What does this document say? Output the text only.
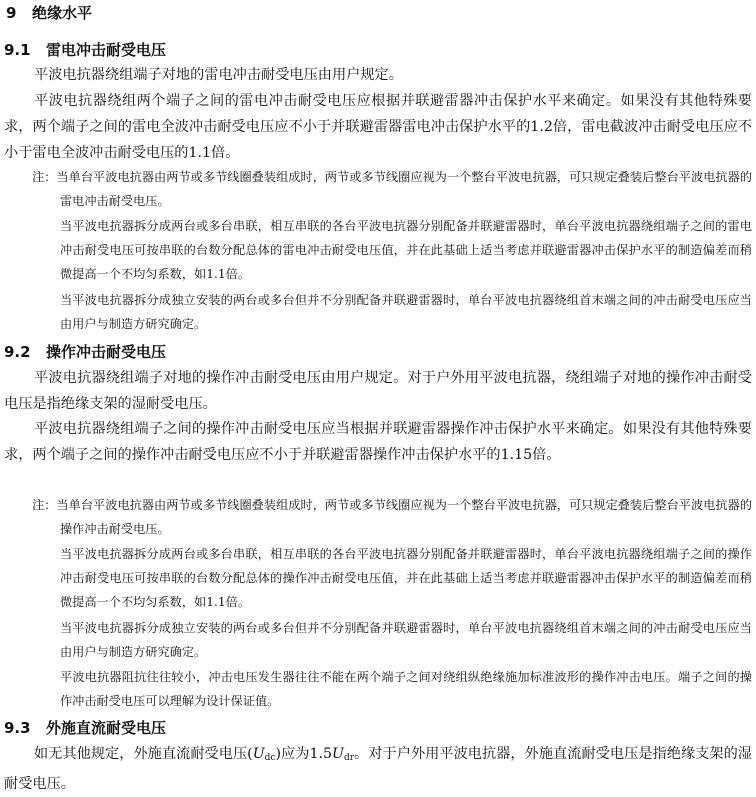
9 绝缘水平
9.1 雷电冲击耐受电压

平波电抗器绕组端子对地的雷电冲击耐受电压由用户规定。

平波电抗器绕组两个端子之间的雷电冲击耐受电压应根据并联避雷器冲击保护水平来确定。如果没有其他特殊要求，两个端子之间的雷电全波冲击耐受电压应不小于并联避雷器雷电冲击保护水平的1.2倍，雷电截波冲击耐受电压应不小于雷电全波冲击耐受电压的1.1倍。

注：当单台平波电抗器由两节或多节线圈叠装组成时，两节或多节线圈应视为一个整台平波电抗器，可只规定叠装后整台平波电抗器的雷电冲击耐受电压。

当平波电抗器拆分成两台或多台串联，相互串联的各台平波电抗器分别配备并联避雷器时，单台平波电抗器绕组端子之间的雷电冲击耐受电压可按串联的台数分配总体的雷电冲击耐受电压值，并在此基础上适当考虑并联避雷器冲击保护水平的制造偏差而稍微提高一个不均匀系数，如1.1倍。

当平波电抗器拆分成独立安装的两台或多台但并不分别配备并联避雷器时，单台平波电抗器绕组首末端之间的冲击耐受电压应当由用户与制造方研究确定。

9.2 操作冲击耐受电压

平波电抗器绕组端子对地的操作冲击耐受电压由用户规定。对于户外用平波电抗器，绕组端子对地的操作冲击耐受电压是指绝缘支架的湿耐受电压。

平波电抗器绕组端子之间的操作冲击耐受电压应当根据并联避雷器操作冲击保护水平来确定。如果没有其他特殊要求，两个端子之间的操作冲击耐受电压应不小于并联避雷器操作冲击保护水平的1.15倍。

注：当单台平波电抗器由两节或多节线圈叠装组成时，两节或多节线圈应视为一个整台平波电抗器，可只规定叠装后整台平波电抗器的操作冲击耐受电压。

当平波电抗器拆分成两台或多台串联，相互串联的各台平波电抗器分别配备并联避雷器时，单台平波电抗器绕组端子之间的操作冲击耐受电压可按串联的台数分配总体的操作冲击耐受电压值，并在此基础上适当考虑并联避雷器冲击保护水平的制造偏差而稍微提高一个不均匀系数，如1.1倍。

当平波电抗器拆分成独立安装的两台或多台但并不分别配备并联避雷器时，单台平波电抗器绕组首末端之间的冲击耐受电压应当由用户与制造方研究确定。

平波电抗器阻抗往往较小，冲击电压发生器往往不能在两个端子之间对绕组纵绝缘施加标准波形的操作冲击电压。端子之间的操作冲击耐受电压可以理解为设计保证值。

9.3 外施直流耐受电压

如无其他规定，外施直流耐受电压$(U_{dc})$应为$1.5U_{dr}$。对于户外用平波电抗器，外施直流耐受电压是指绝缘支架的湿耐受电压。
